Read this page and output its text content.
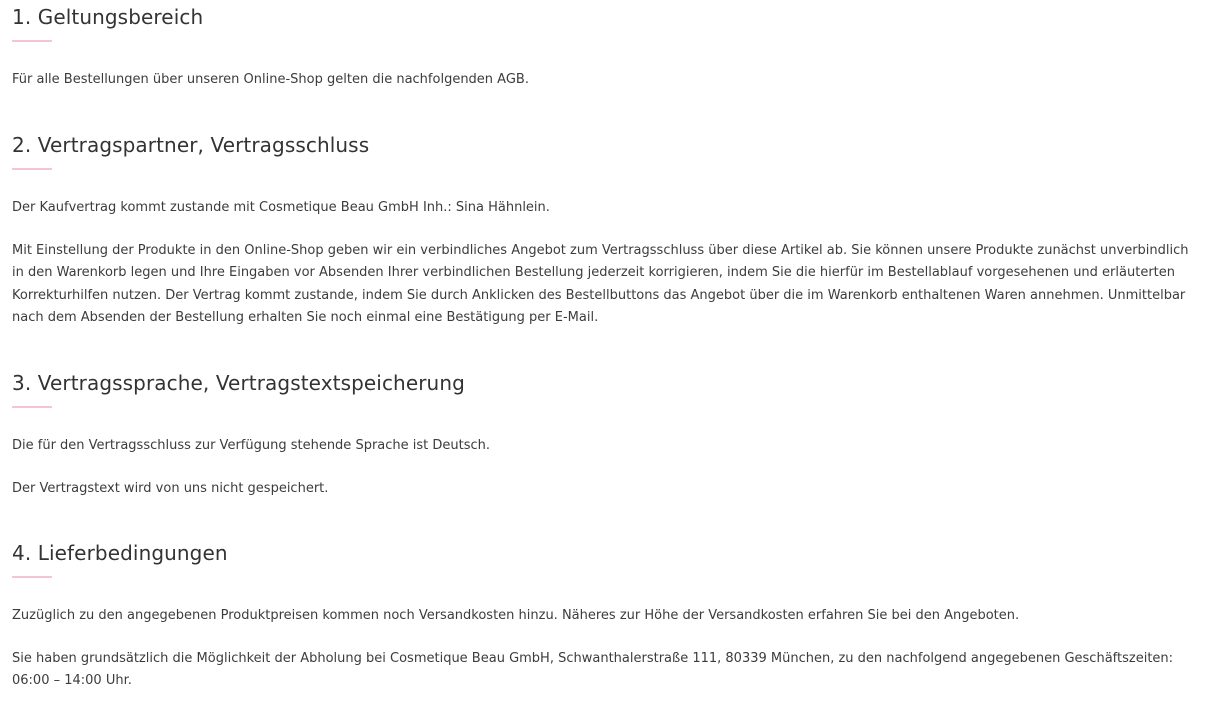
1. Geltungsbereich

Für alle Bestellungen über unseren Online-Shop gelten die nachfolgenden AGB.

2. Vertragspartner, Vertragsschluss

Der Kaufvertrag kommt zustande mit Cosmetique Beau GmbH Inh.: Sina Hähnlein.

Mit Einstellung der Produkte in den Online-Shop geben wir ein verbindliches Angebot zum Vertragsschluss über diese Artikel ab. Sie können unsere Produkte zunächst unverbindlich in den Warenkorb legen und Ihre Eingaben vor Absenden Ihrer verbindlichen Bestellung jederzeit korrigieren, indem Sie die hierfür im Bestellablauf vorgesehenen und erläuterten Korrekturhilfen nutzen. Der Vertrag kommt zustande, indem Sie durch Anklicken des Bestellbuttons das Angebot über die im Warenkorb enthaltenen Waren annehmen. Unmittelbar nach dem Absenden der Bestellung erhalten Sie noch einmal eine Bestätigung per E-Mail.

3. Vertragssprache, Vertragstextspeicherung

Die für den Vertragsschluss zur Verfügung stehende Sprache ist Deutsch.

Der Vertragstext wird von uns nicht gespeichert.

4. Lieferbedingungen

Zuzüglich zu den angegebenen Produktpreisen kommen noch Versandkosten hinzu. Näheres zur Höhe der Versandkosten erfahren Sie bei den Angeboten.

Sie haben grundsätzlich die Möglichkeit der Abholung bei Cosmetique Beau GmbH, Schwanthalerstraße 111, 80339 München, zu den nachfolgend angegebenen Geschäftszeiten: 06:00 – 14:00 Uhr.
